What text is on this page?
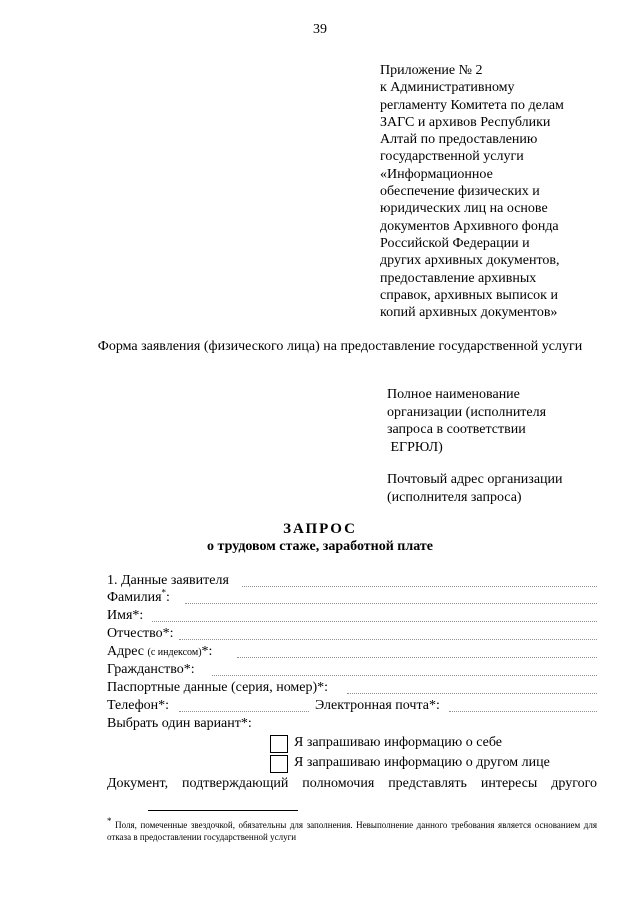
39
Приложение № 2
к Административному
регламенту Комитета по делам
ЗАГС и архивов Республики
Алтай по предоставлению
государственной услуги
«Информационное
обеспечение физических и
юридических лиц на основе
документов Архивного фонда
Российской Федерации и
других архивных документов,
предоставление архивных
справок, архивных выписок и
копий архивных документов»
Форма заявления (физического лица) на предоставление государственной услуги
Полное наименование
организации (исполнителя
запроса в соответствии
ЕГРЮЛ)
Почтовый адрес организации
(исполнителя запроса)
ЗАПРОС
о трудовом стаже, заработной плате
1. Данные заявителя
Фамилия*:
Имя*:
Отчество*:
Адрес (с индексом)*:
Гражданство*:
Паспортные данные (серия, номер)*:
Телефон*:	Электронная почта*:
Выбрать один вариант*:
Я запрашиваю информацию о себе
Я запрашиваю информацию о другом лице
Документ, подтверждающий полномочия представлять интересы другого
* Поля, помеченные звездочкой, обязательны для заполнения. Невыполнение данного требования является основанием для отказа в предоставлении государственной услуги
